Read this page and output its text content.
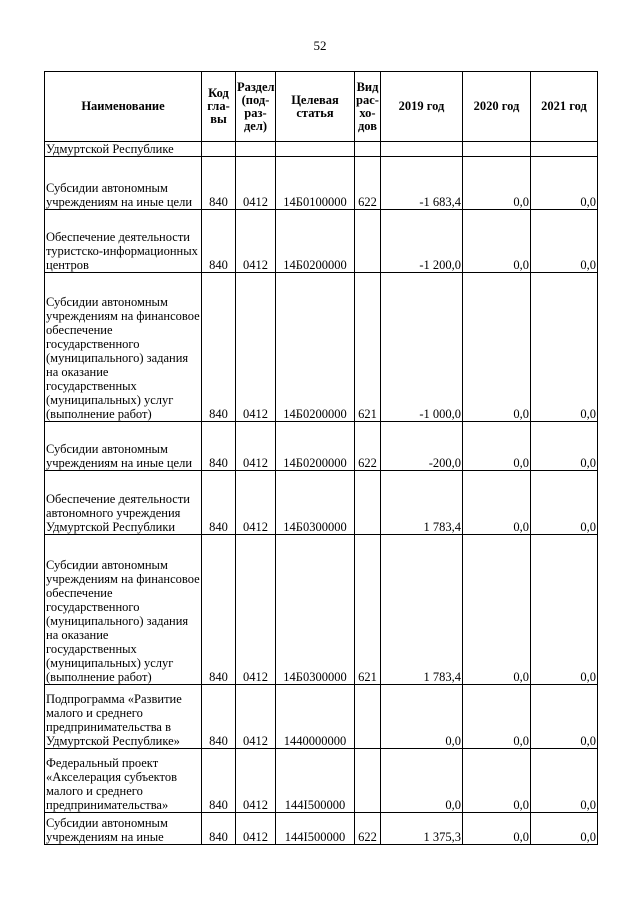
52
Наименование	Код гла- вы	Раздел (под- раз- дел)	Целевая статья	Вид рас- хо- дов	2019 год	2020 год	2021 год
Удмуртской Республике							
Субсидии автономным учреждениям на иные цели	840	0412	14Б0100000	622	-1 683,4	0,0	0,0
Обеспечение деятельности туристско-информационных центров	840	0412	14Б0200000		-1 200,0	0,0	0,0
Субсидии автономным учреждениям на финансовое обеспечение государственного (муниципального) задания на оказание государственных (муниципальных) услуг (выполнение работ)	840	0412	14Б0200000	621	-1 000,0	0,0	0,0
Субсидии автономным учреждениям на иные цели	840	0412	14Б0200000	622	-200,0	0,0	0,0
Обеспечение деятельности автономного учреждения Удмуртской Республики	840	0412	14Б0300000		1 783,4	0,0	0,0
Субсидии автономным учреждениям на финансовое обеспечение государственного (муниципального) задания на оказание государственных (муниципальных) услуг (выполнение работ)	840	0412	14Б0300000	621	1 783,4	0,0	0,0
Подпрограмма «Развитие малого и среднего предпринимательства в Удмуртской Республике»	840	0412	1440000000		0,0	0,0	0,0
Федеральный проект «Акселерация субъектов малого и среднего предпринимательства»	840	0412	144I500000		0,0	0,0	0,0
Субсидии автономным учреждениям на иные	840	0412	144I500000	622	1 375,3	0,0	0,0
